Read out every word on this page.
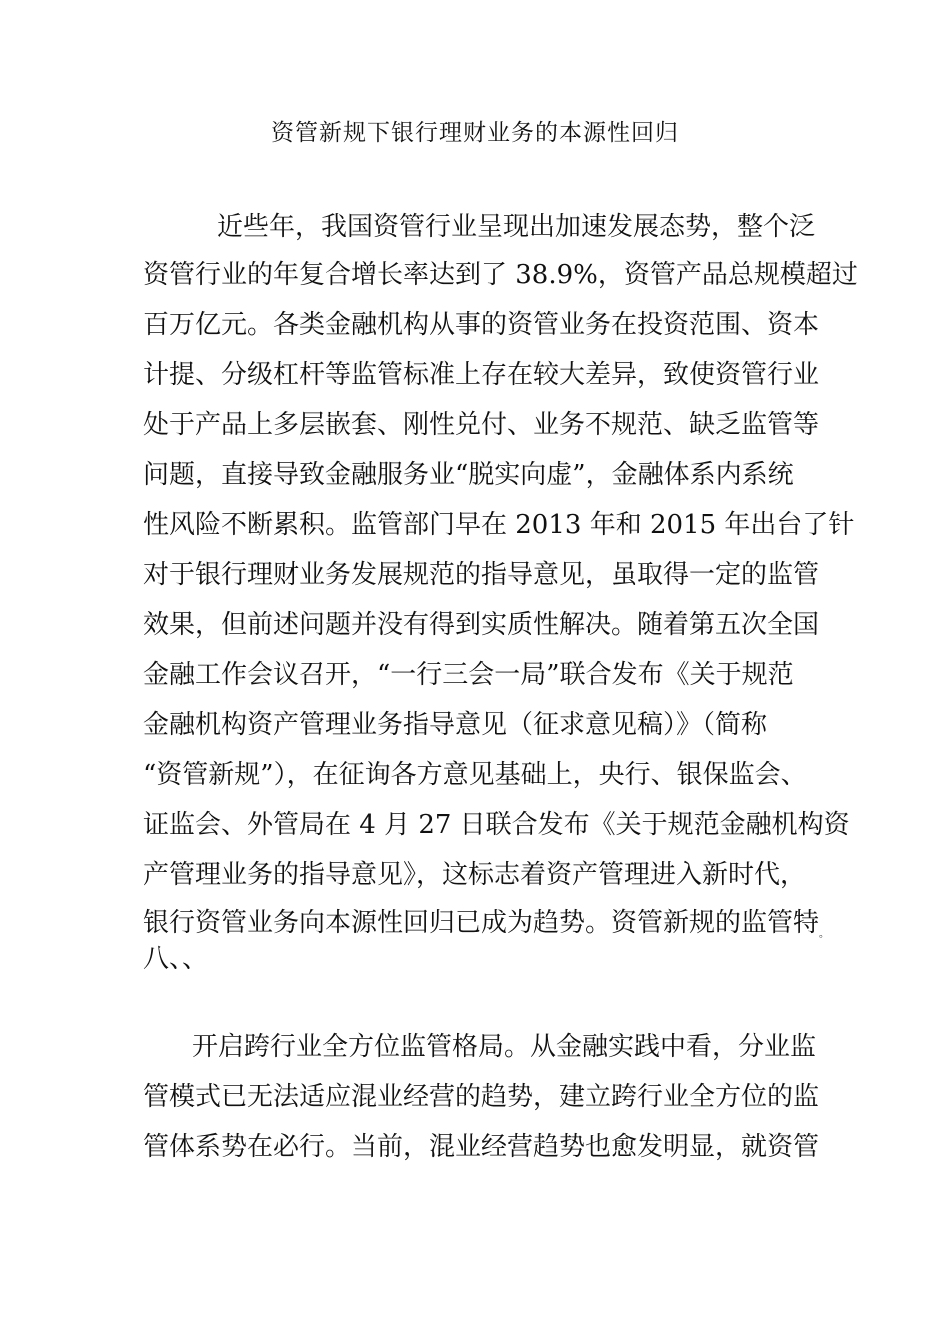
资管新规下银行理财业务的本源性回归
近些年，我国资管行业呈现出加速发展态势，整个泛
资管行业的年复合增长率达到了 38.9%，资管产品总规模超过
百万亿元。各类金融机构从事的资管业务在投资范围、资本
计提、分级杠杆等监管标准上存在较大差异，致使资管行业
处于产品上多层嵌套、刚性兑付、业务不规范、缺乏监管等
问题，直接导致金融服务业“脱实向虚”，金融体系内系统
性风险不断累积。监管部门早在 2013 年和 2015 年出台了针
对于银行理财业务发展规范的指导意见，虽取得一定的监管
效果，但前述问题并没有得到实质性解决。随着第五次全国
金融工作会议召开，“一行三会一局”联合发布《关于规范
金融机构资产管理业务指导意见（征求意见稿）》（简称
“资管新规”），在征询各方意见基础上，央行、银保监会、
证监会、外管局在 4 月 27 日联合发布《关于规范金融机构资
产管理业务的指导意见》，这标志着资产管理进入新时代，
银行资管业务向本源性回归已成为趋势。资管新规的监管特$_。$
八、、
开启跨行业全方位监管格局。从金融实践中看，分业监
管模式已无法适应混业经营的趋势，建立跨行业全方位的监
管体系势在必行。当前，混业经营趋势也愈发明显，就资管
